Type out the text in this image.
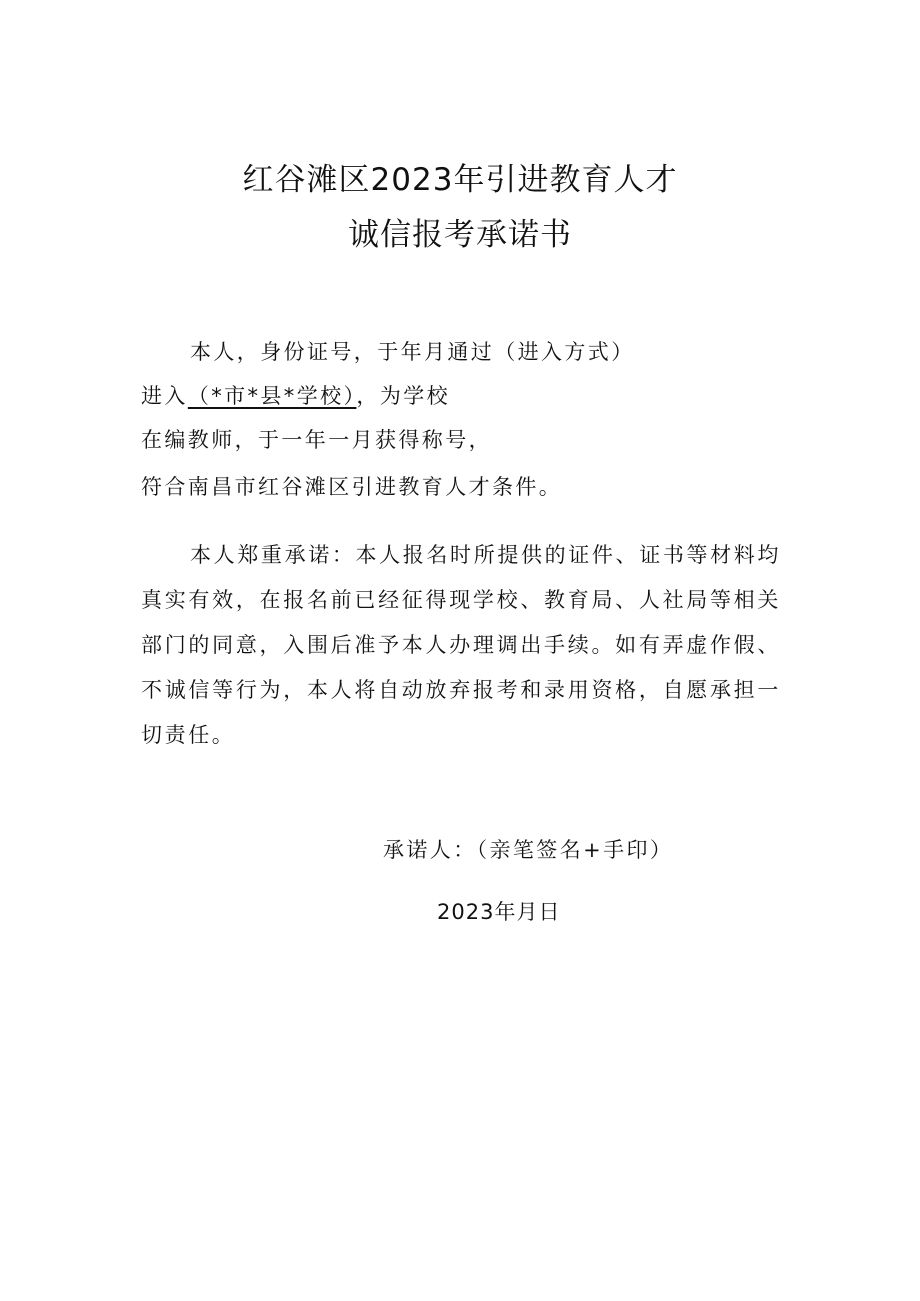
红谷滩区2023年引进教育人才
诚信报考承诺书

本人，身份证号，于年月通过（进入方式）

进入（*市*县*学校），为学校

在编教师，于一年一月获得称号，

符合南昌市红谷滩区引进教育人才条件。

本人郑重承诺：本人报名时所提供的证件、证书等材料均真实有效，在报名前已经征得现学校、教育局、人社局等相关部门的同意，入围后准予本人办理调出手续。如有弄虚作假、不诚信等行为，本人将自动放弃报考和录用资格，自愿承担一切责任。

承诺人：（亲笔签名+手印）

2023年月日
